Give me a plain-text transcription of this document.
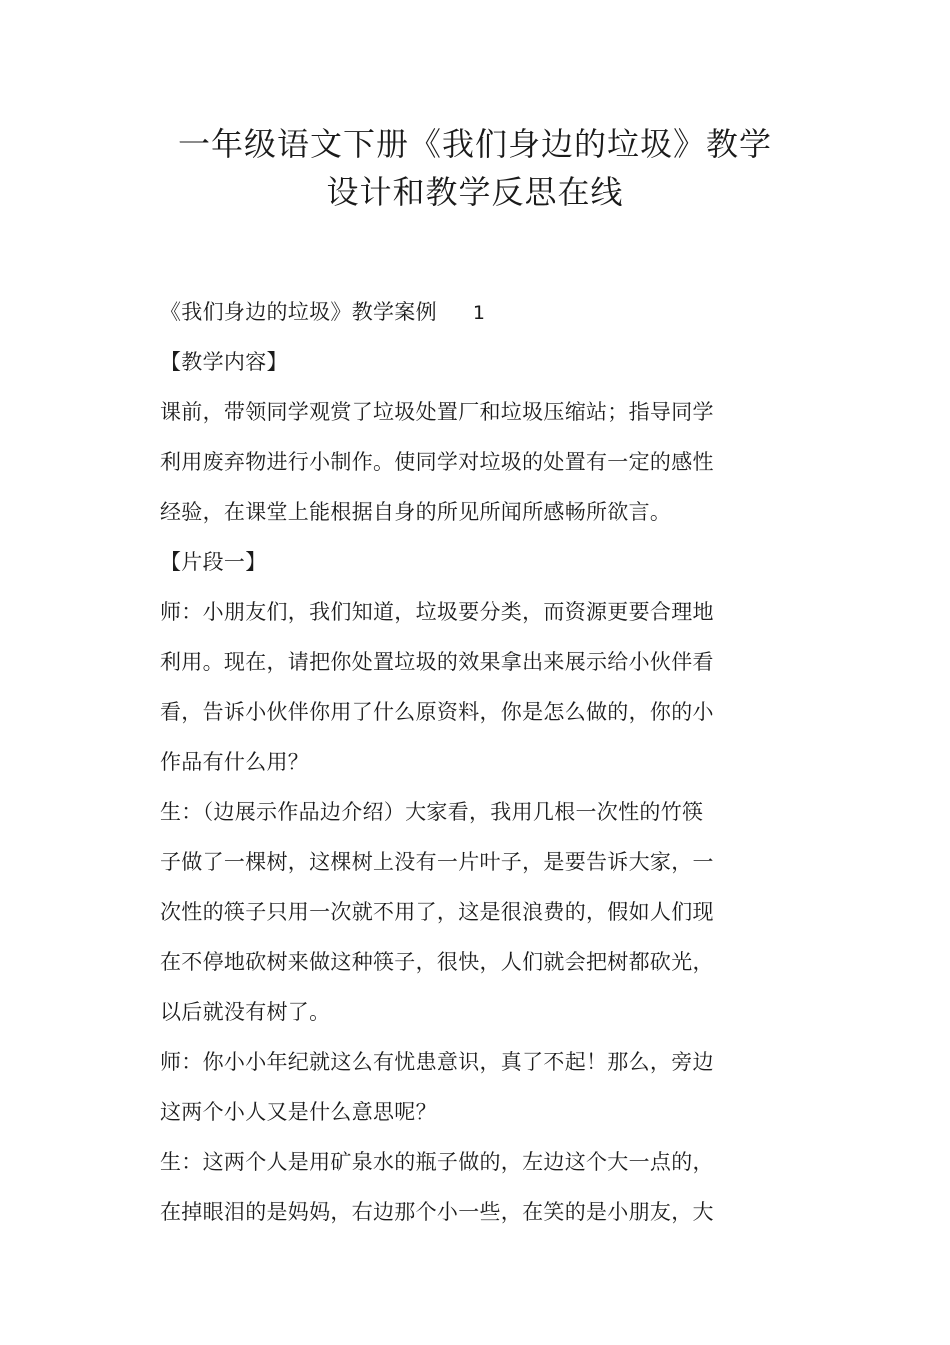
一年级语文下册《我们身边的垃圾》教学
设计和教学反思在线
《我们身边的垃圾》教学案例 1
【教学内容】
课前，带领同学观赏了垃圾处置厂和垃圾压缩站；指导同学
利用废弃物进行小制作。使同学对垃圾的处置有一定的感性
经验，在课堂上能根据自身的所见所闻所感畅所欲言。
【片段一】
师：小朋友们，我们知道，垃圾要分类，而资源更要合理地
利用。现在，请把你处置垃圾的效果拿出来展示给小伙伴看
看，告诉小伙伴你用了什么原资料，你是怎么做的，你的小
作品有什么用？
生：（边展示作品边介绍）大家看，我用几根一次性的竹筷
子做了一棵树，这棵树上没有一片叶子，是要告诉大家，一
次性的筷子只用一次就不用了，这是很浪费的，假如人们现
在不停地砍树来做这种筷子，很快，人们就会把树都砍光，
以后就没有树了。
师：你小小年纪就这么有忧患意识，真了不起！那么，旁边
这两个小人又是什么意思呢？
生：这两个人是用矿泉水的瓶子做的，左边这个大一点的，
在掉眼泪的是妈妈，右边那个小一些，在笑的是小朋友，大
